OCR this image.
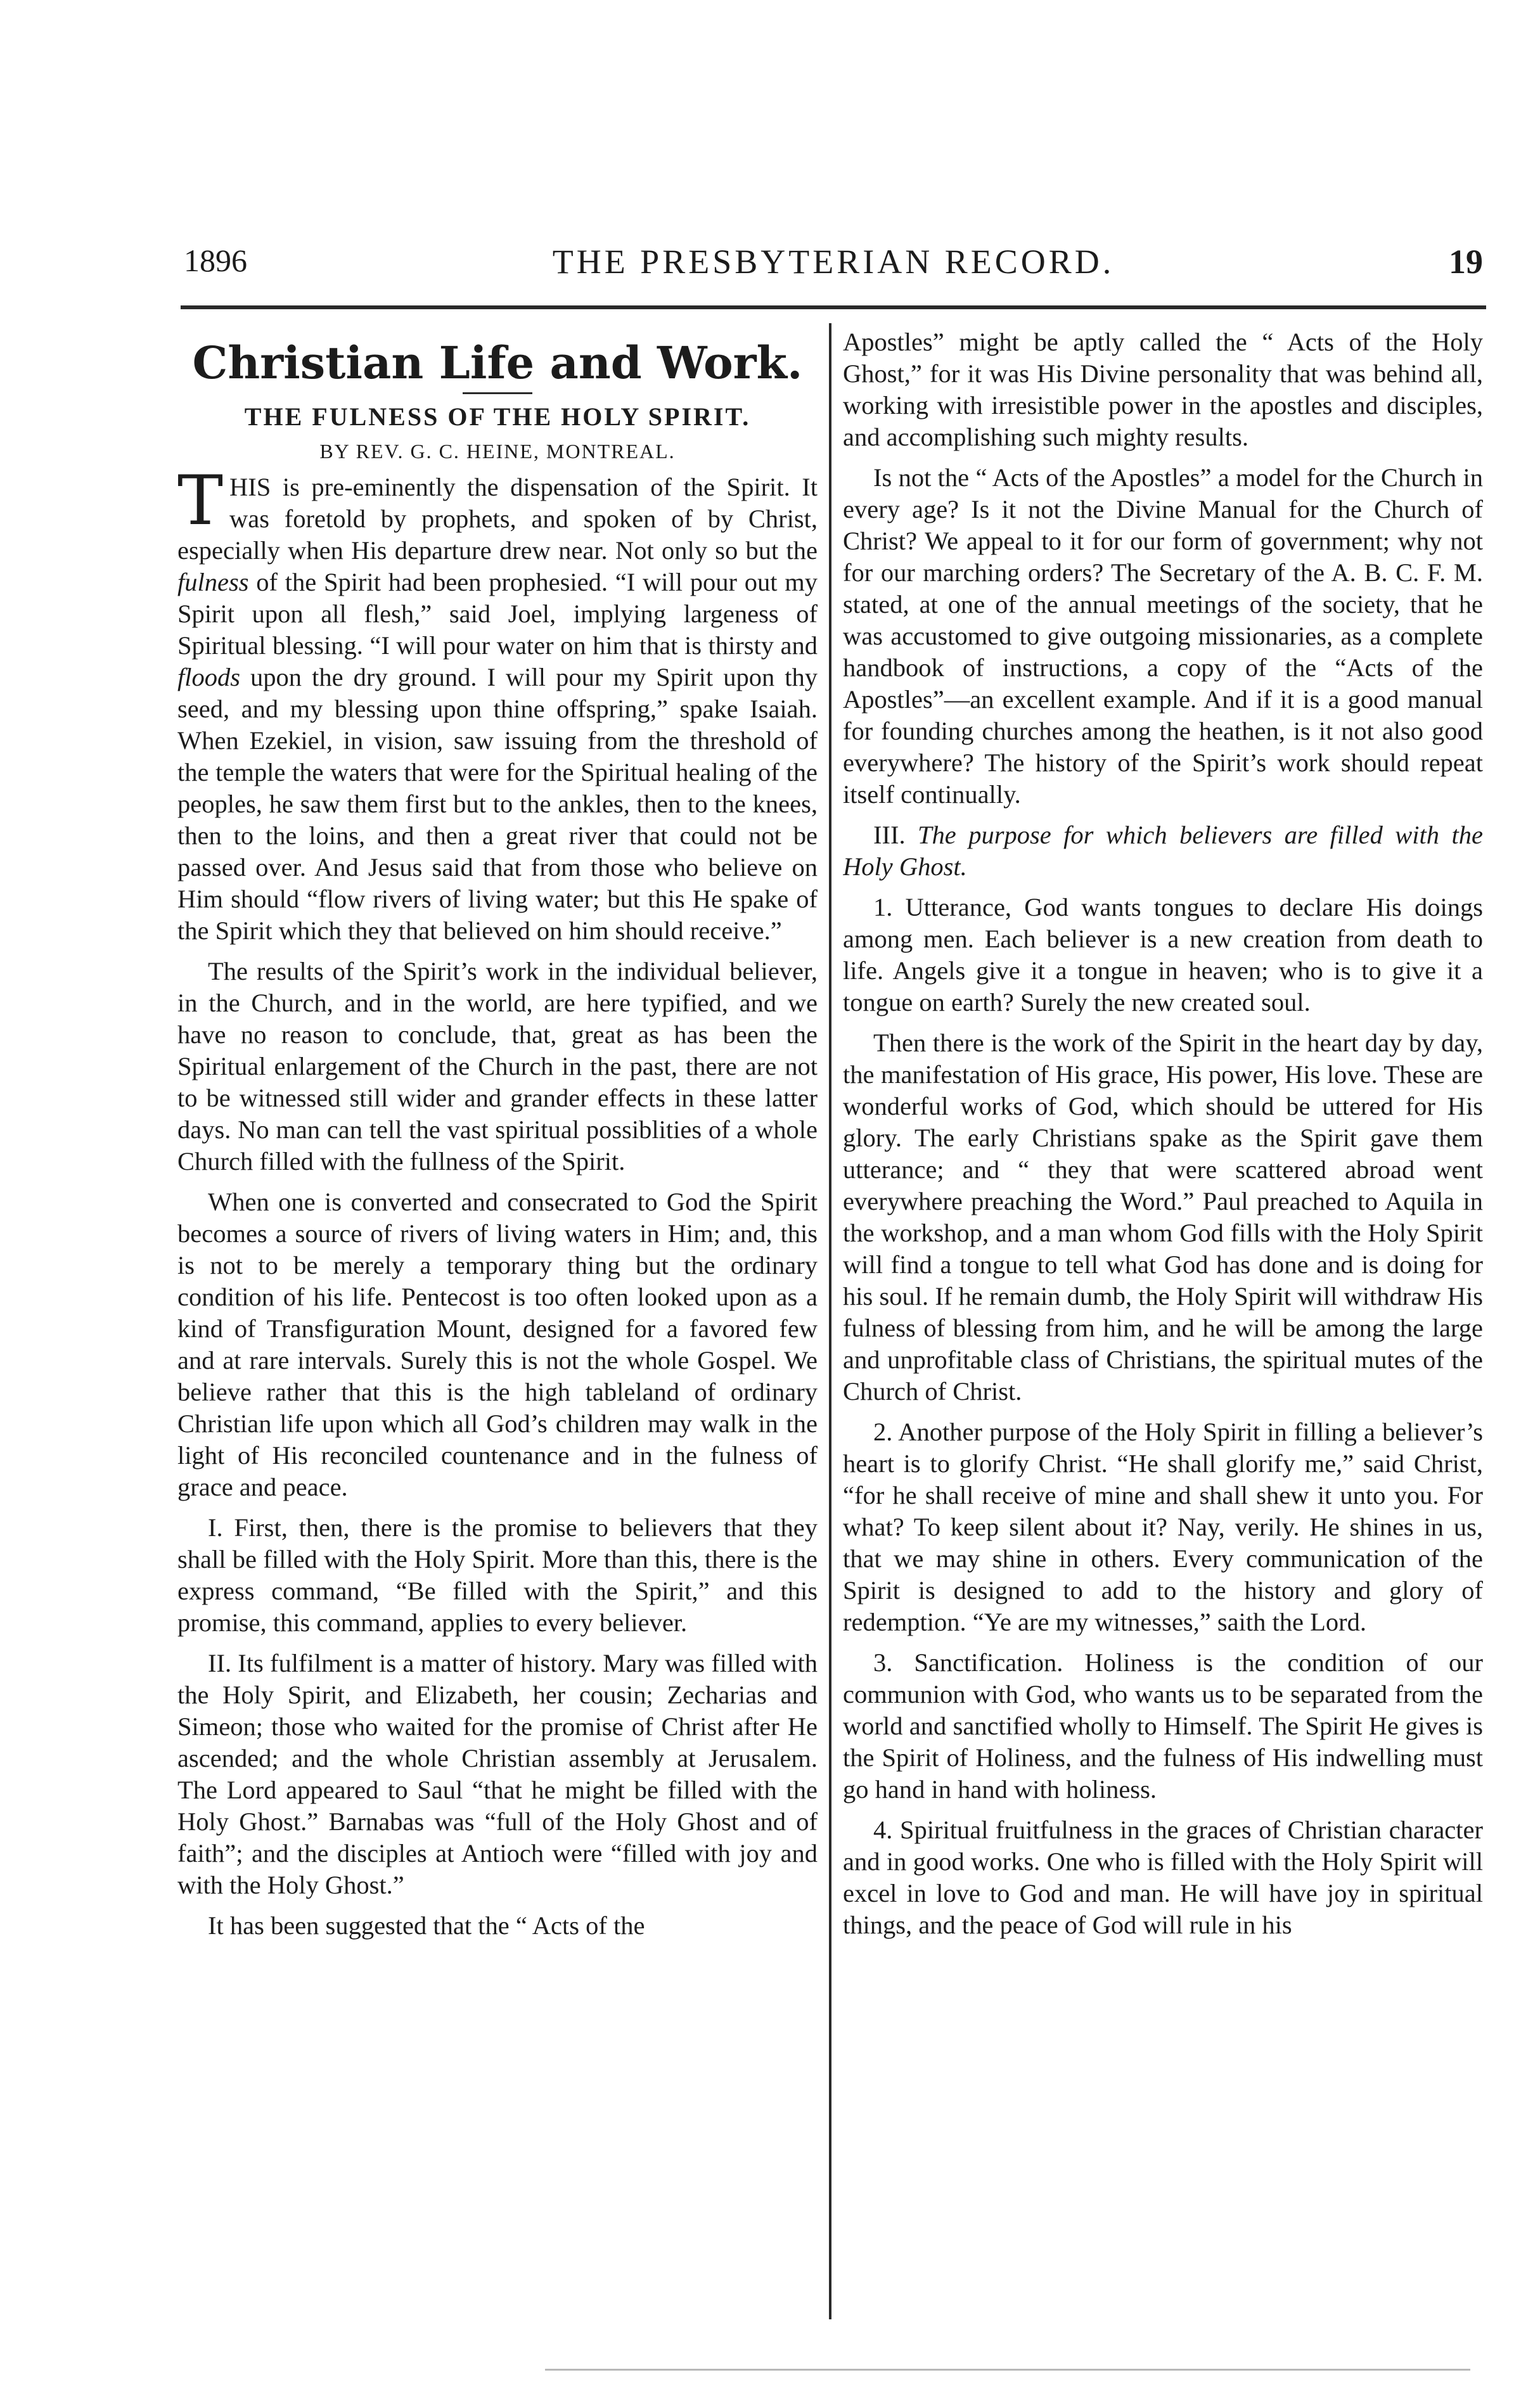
1896	THE PRESBYTERIAN RECORD.	19
Christian Life and Work.
THE FULNESS OF THE HOLY SPIRIT.
BY REV. G. C. HEINE, MONTREAL.

THIS is pre-eminently the dispensation of the Spirit. It was foretold by prophets, and spoken of by Christ, especially when His departure drew near. Not only so but the fulness of the Spirit had been prophesied. “I will pour out my Spirit upon all flesh,” said Joel, implying largeness of Spiritual blessing. “I will pour water on him that is thirsty and floods upon the dry ground. I will pour my Spirit upon thy seed, and my blessing upon thine offspring,” spake Isaiah. When Ezekiel, in vision, saw issuing from the threshold of the temple the waters that were for the Spiritual healing of the peoples, he saw them first but to the ankles, then to the knees, then to the loins, and then a great river that could not be passed over. And Jesus said that from those who believe on Him should “flow rivers of living water; but this He spake of the Spirit which they that believed on him should receive.”

The results of the Spirit’s work in the individual believer, in the Church, and in the world, are here typified, and we have no reason to conclude, that, great as has been the Spiritual enlargement of the Church in the past, there are not to be witnessed still wider and grander effects in these latter days. No man can tell the vast spiritual possiblities of a whole Church filled with the fullness of the Spirit.

When one is converted and consecrated to God the Spirit becomes a source of rivers of living waters in Him; and, this is not to be merely a temporary thing but the ordinary condition of his life. Pentecost is too often looked upon as a kind of Transfiguration Mount, designed for a favored few and at rare intervals. Surely this is not the whole Gospel. We believe rather that this is the high tableland of ordinary Christian life upon which all God’s children may walk in the light of His reconciled countenance and in the fulness of grace and peace.

I. First, then, there is the promise to believers that they shall be filled with the Holy Spirit. More than this, there is the express command, “Be filled with the Spirit,” and this promise, this command, applies to every believer.

II. Its fulfilment is a matter of history. Mary was filled with the Holy Spirit, and Elizabeth, her cousin; Zecharias and Simeon; those who waited for the promise of Christ after He ascended; and the whole Christian assembly at Jerusalem. The Lord appeared to Saul “that he might be filled with the Holy Ghost.” Barnabas was “full of the Holy Ghost and of faith”; and the disciples at Antioch were “filled with joy and with the Holy Ghost.”

It has been suggested that the “ Acts of the

Apostles” might be aptly called the “ Acts of the Holy Ghost,” for it was His Divine personality that was behind all, working with irresistible power in the apostles and disciples, and accomplishing such mighty results.

Is not the “ Acts of the Apostles” a model for the Church in every age? Is it not the Divine Manual for the Church of Christ? We appeal to it for our form of government; why not for our marching orders? The Secretary of the A. B. C. F. M. stated, at one of the annual meetings of the society, that he was accustomed to give outgoing missionaries, as a complete handbook of instructions, a copy of the “Acts of the Apostles”—an excellent example. And if it is a good manual for founding churches among the heathen, is it not also good everywhere? The history of the Spirit’s work should repeat itself continually.

III. The purpose for which believers are filled with the Holy Ghost.

1. Utterance, God wants tongues to declare His doings among men. Each believer is a new creation from death to life. Angels give it a tongue in heaven; who is to give it a tongue on earth? Surely the new created soul.

Then there is the work of the Spirit in the heart day by day, the manifestation of His grace, His power, His love. These are wonderful works of God, which should be uttered for His glory. The early Christians spake as the Spirit gave them utterance; and “ they that were scattered abroad went everywhere preaching the Word.” Paul preached to Aquila in the workshop, and a man whom God fills with the Holy Spirit will find a tongue to tell what God has done and is doing for his soul. If he remain dumb, the Holy Spirit will withdraw His fulness of blessing from him, and he will be among the large and unprofitable class of Christians, the spiritual mutes of the Church of Christ.

2. Another purpose of the Holy Spirit in filling a believer’s heart is to glorify Christ. “He shall glorify me,” said Christ, “for he shall receive of mine and shall shew it unto you. For what? To keep silent about it? Nay, verily. He shines in us, that we may shine in others. Every communication of the Spirit is designed to add to the history and glory of redemption. “Ye are my witnesses,” saith the Lord.

3. Sanctification. Holiness is the condition of our communion with God, who wants us to be separated from the world and sanctified wholly to Himself. The Spirit He gives is the Spirit of Holiness, and the fulness of His indwelling must go hand in hand with holiness.

4. Spiritual fruitfulness in the graces of Christian character and in good works. One who is filled with the Holy Spirit will excel in love to God and man. He will have joy in spiritual things, and the peace of God will rule in his
